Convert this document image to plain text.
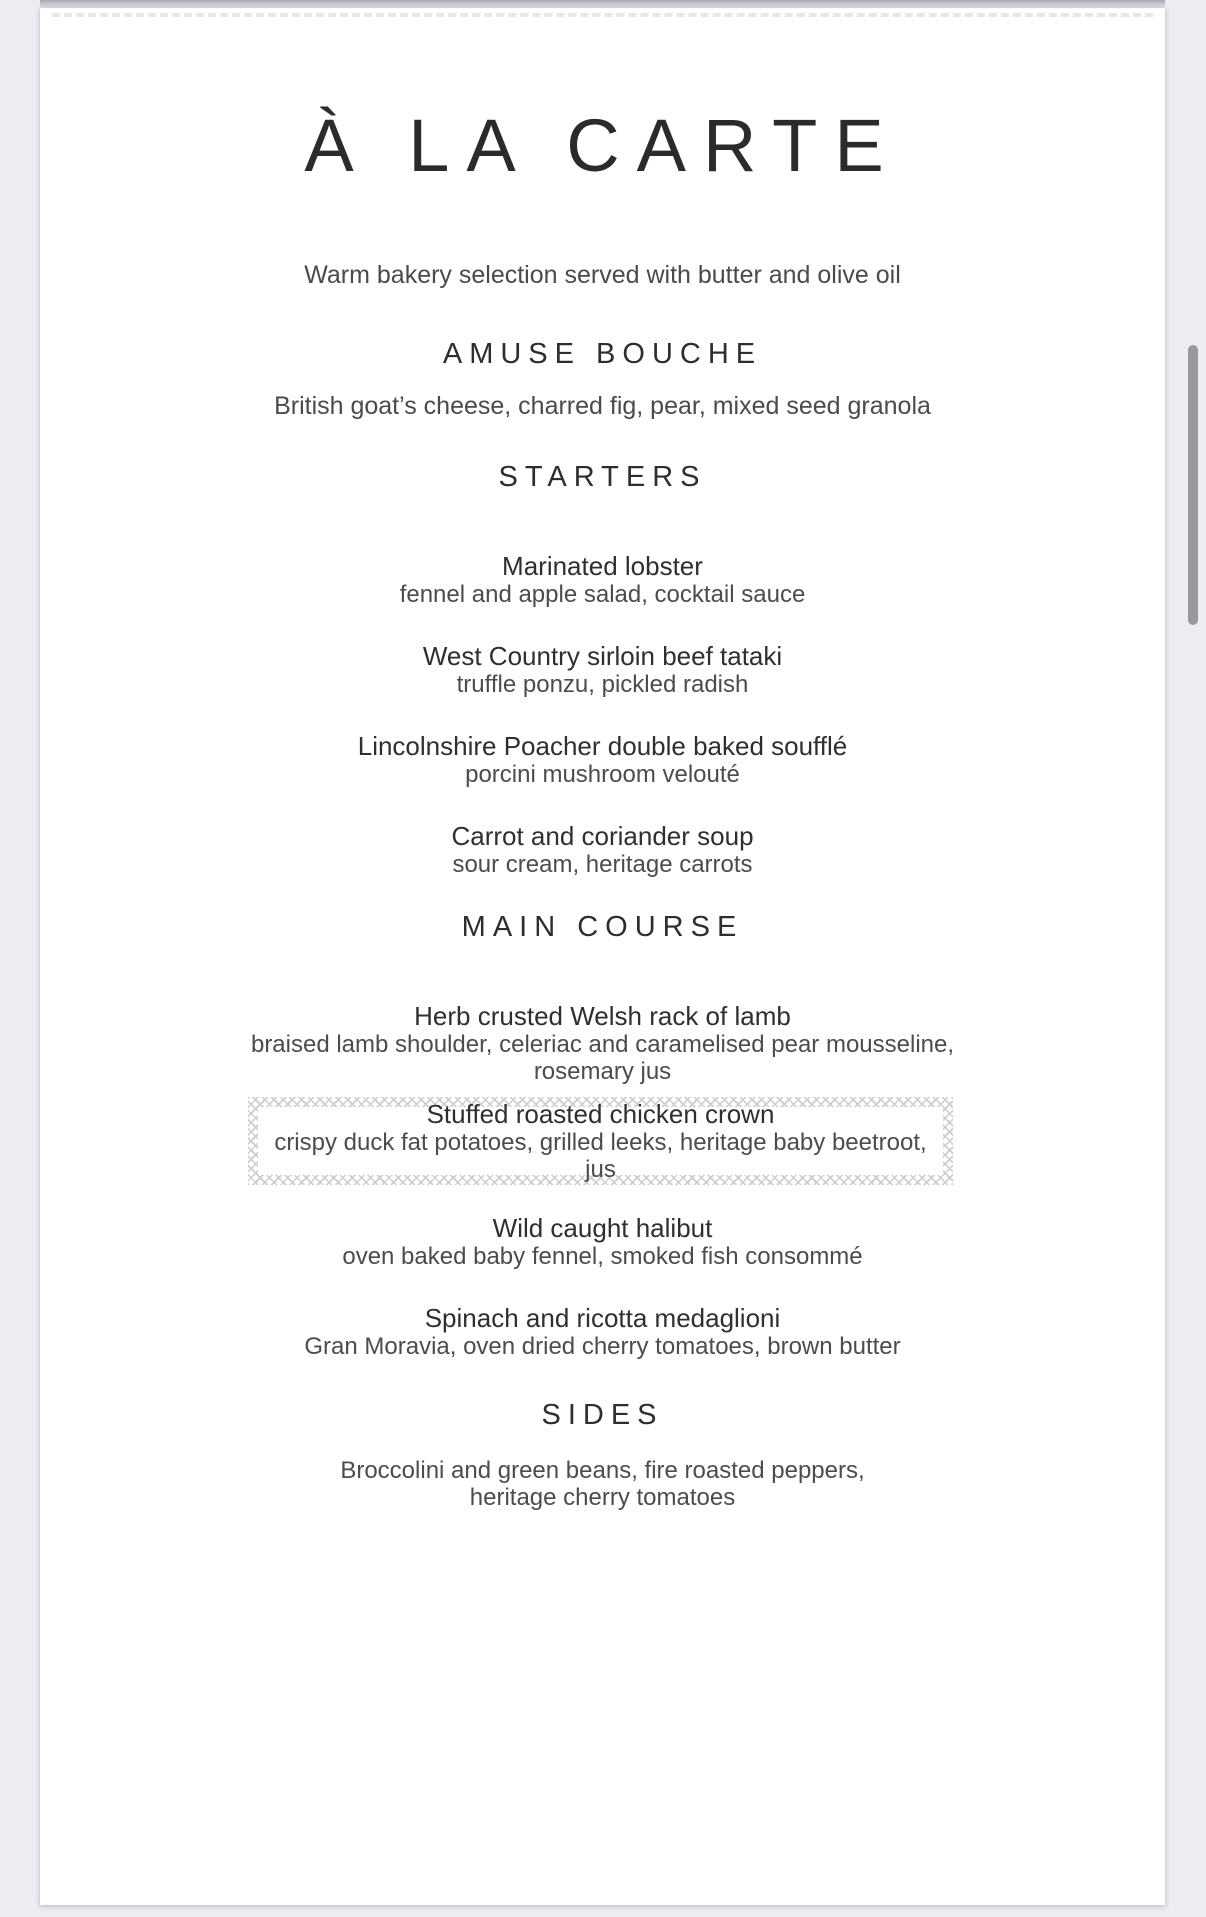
À LA CARTE
Warm bakery selection served with butter and olive oil
AMUSE BOUCHE
British goat’s cheese, charred fig, pear, mixed seed granola
STARTERS
Marinated lobster
fennel and apple salad, cocktail sauce
West Country sirloin beef tataki
truffle ponzu, pickled radish
Lincolnshire Poacher double baked soufflé
porcini mushroom velouté
Carrot and coriander soup
sour cream, heritage carrots
MAIN COURSE
Herb crusted Welsh rack of lamb
braised lamb shoulder, celeriac and caramelised pear mousseline,
rosemary jus
Stuffed roasted chicken crown
crispy duck fat potatoes, grilled leeks, heritage baby beetroot, jus
Wild caught halibut
oven baked baby fennel, smoked fish consommé
Spinach and ricotta medaglioni
Gran Moravia, oven dried cherry tomatoes, brown butter
SIDES
Broccolini and green beans, fire roasted peppers,
heritage cherry tomatoes
